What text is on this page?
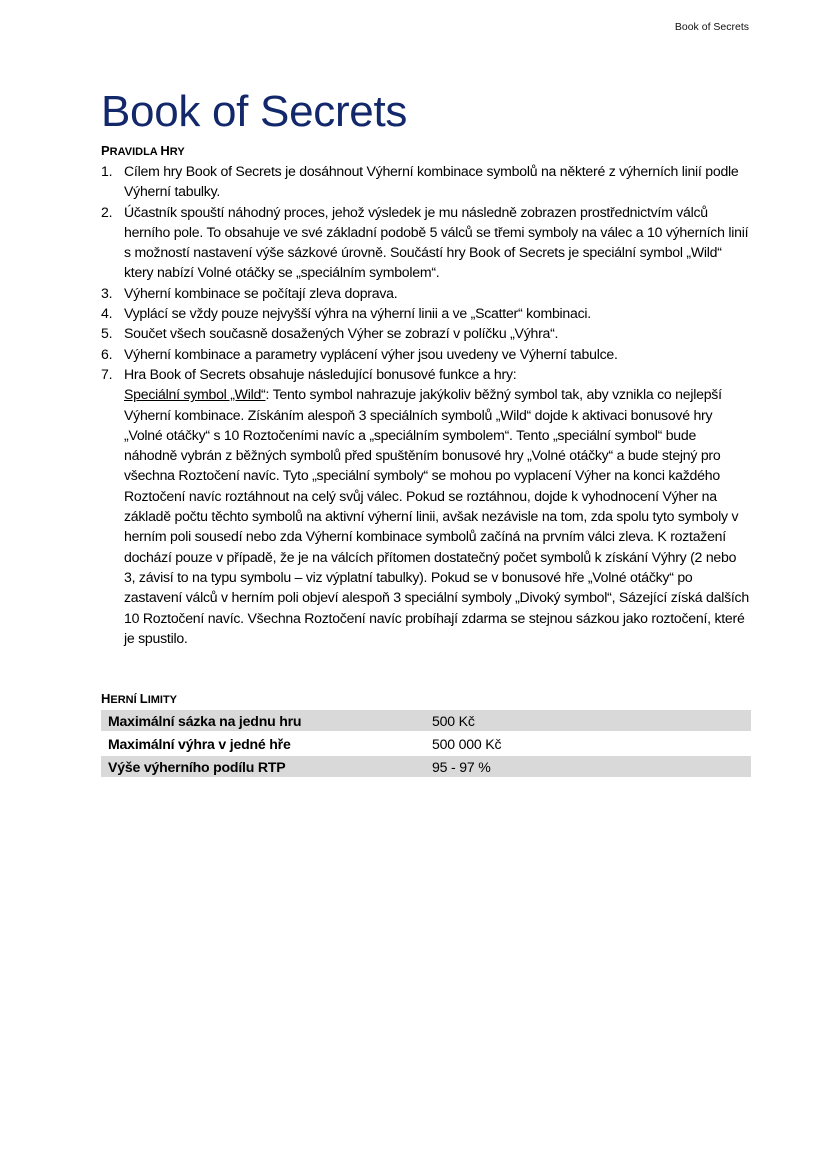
Book of Secrets
Book of Secrets
PRAVIDLA HRY
1. Cílem hry Book of Secrets je dosáhnout Výherní kombinace symbolů na některé z výherních linií podle Výherní tabulky.
2. Účastník spouští náhodný proces, jehož výsledek je mu následně zobrazen prostřednictvím válců herního pole. To obsahuje ve své základní podobě 5 válců se třemi symboly na válec a 10 výherních linií s možností nastavení výše sázkové úrovně. Součástí hry Book of Secrets je speciální symbol „Wild“ ktery nabízí Volné otáčky se „speciálním symbolem“.
3. Výherní kombinace se počítají zleva doprava.
4. Vyplácí se vždy pouze nejvyšší výhra na výherní linii a ve „Scatter“ kombinaci.
5. Součet všech současně dosažených Výher se zobrazí v políčku „Výhra“.
6. Výherní kombinace a parametry vyplácení výher jsou uvedeny ve Výherní tabulce.
7. Hra Book of Secrets obsahuje následující bonusové funkce a hry:
Speciální symbol „Wild“: Tento symbol nahrazuje jakýkoliv běžný symbol tak, aby vznikla co nejlepší Výherní kombinace. Získáním alespoň 3 speciálních symbolů „Wild“ dojde k aktivaci bonusové hry „Volné otáčky“ s 10 Roztočeními navíc a „speciálním symbolem“. Tento „speciální symbol“ bude náhodně vybrán z běžných symbolů před spuštěním bonusové hry „Volné otáčky“ a bude stejný pro všechna Roztočení navíc. Tyto „speciální symboly“ se mohou po vyplacení Výher na konci každého Roztočení navíc roztáhnout na celý svůj válec. Pokud se roztáhnou, dojde k vyhodnocení Výher na základě počtu těchto symbolů na aktivní výherní linii, avšak nezávisle na tom, zda spolu tyto symboly v herním poli sousedí nebo zda Výherní kombinace symbolů začíná na prvním válci zleva. K roztažení dochází pouze v případě, že je na válcích přítomen dostatečný počet symbolů k získání Výhry (2 nebo 3, závisí to na typu symbolu – viz výplatní tabulky). Pokud se v bonusové hře „Volné otáčky“ po zastavení válců v herním poli objeví alespoň 3 speciální symboly „Divoký symbol“, Sázející získá dalších 10 Roztočení navíc. Všechna Roztočení navíc probíhají zdarma se stejnou sázkou jako roztočení, které je spustilo.
HERNÍ LIMITY
Maximální sázka na jednu hru	500 Kč
Maximální výhra v jedné hře	500 000 Kč
Výše výherního podílu RTP	95 - 97 %
